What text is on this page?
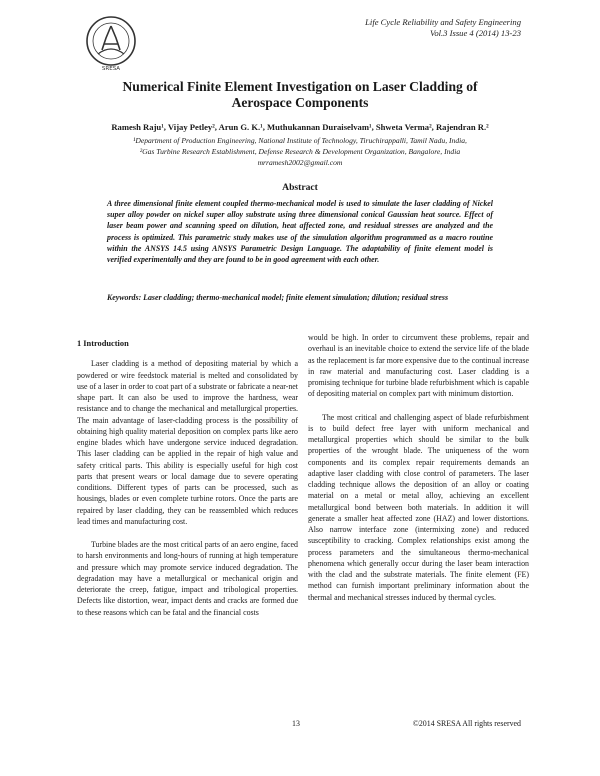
SRESA
Life Cycle Reliability and Safety Engineering
Vol.3 Issue 4 (2014) 13-23
Numerical Finite Element Investigation on Laser Cladding of
Aerospace Components
Ramesh Raju¹, Vijay Petley², Arun G. K.¹, Muthukannan Duraiselvam¹, Shweta Verma², Rajendran R.²
¹Department of Production Engineering, National Institute of Technology, Tiruchirappalli, Tamil Nadu, India,
²Gas Turbine Research Establishment, Defense Research & Development Organization, Bangalore, India
mrramesh2002@gmail.com
Abstract
A three dimensional finite element coupled thermo-mechanical model is used to simulate the laser cladding of Nickel super alloy powder on nickel super alloy substrate using three dimensional conical Gaussian heat source. Effect of laser beam power and scanning speed on dilution, heat affected zone, and residual stresses are analyzed and the process is optimized. This parametric study makes use of the simulation algorithm programmed as a macro routine within the ANSYS 14.5 using ANSYS Parametric Design Language. The adaptability of finite element model is verified experimentally and they are found to be in good agreement with each other.
Keywords: Laser cladding; thermo-mechanical model; finite element simulation; dilution; residual stress
1 Introduction

Laser cladding is a method of depositing material by which a powdered or wire feedstock material is melted and consolidated by use of a laser in order to coat part of a substrate or fabricate a near-net shape part. It can also be used to improve the hardness, wear resistance and to change the mechanical and metallurgical properties. The main advantage of laser-cladding process is the possibility of obtaining high quality material deposition on complex parts like aero engine blades which have undergone service induced degradation. This laser cladding can be applied in the repair of high value and safety critical parts. This ability is especially useful for high cost parts that present wears or local damage due to severe operating conditions. Different types of parts can be processed, such as housings, blades or even complete turbine rotors. Once the parts are repaired by laser cladding, they can be reassembled which reduces lead times and manufacturing cost.

Turbine blades are the most critical parts of an aero engine, faced to harsh environments and long-hours of running at high temperature and pressure which may promote service induced degradation. The degradation may have a metallurgical or mechanical origin and deteriorate the creep, fatigue, impact and tribological properties. Defects like distortion, wear, impact dents and cracks are formed due to these reasons which can be fatal and the financial costs

would be high. In order to circumvent these problems, repair and overhaul is an inevitable choice to extend the service life of the blade as the replacement is far more expensive due to the continual increase in raw material and manufacturing cost. Laser cladding is a promising technique for turbine blade refurbishment which is capable of depositing material on complex part with minimum distortion.

The most critical and challenging aspect of blade refurbishment is to build defect free layer with uniform mechanical and metallurgical properties which should be similar to the bulk properties of the wrought blade. The uniqueness of the worn components and its complex repair requirements demands an adaptive laser cladding with close control of parameters. The laser cladding technique allows the deposition of an alloy or coating material on a metal or metal alloy, achieving an excellent metallurgical bond between both materials. In addition it will generate a smaller heat affected zone (HAZ) and lower distortions. Also narrow interface zone (intermixing zone) and reduced susceptibility to cracking. Complex relationships exist among the process parameters and the simultaneous thermo-mechanical phenomena which generally occur during the laser beam interaction with the clad and the substrate materials. The finite element (FE) method can furnish important preliminary information about the thermal and mechanical stresses induced by thermal cycles.

13	©2014 SRESA All rights reserved
